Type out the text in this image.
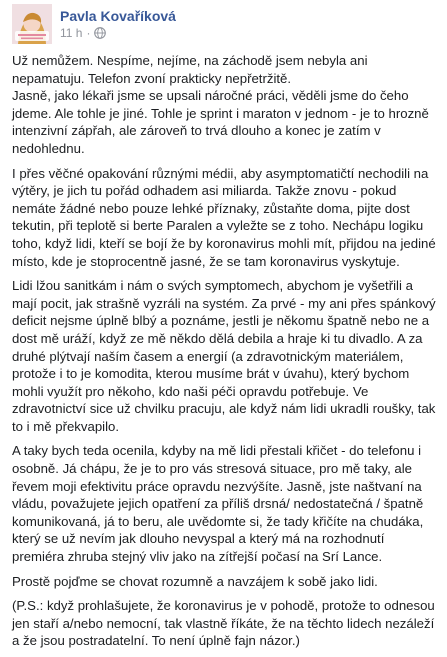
Pavla Kovaříková
11 h ·

Už nemůžem. Nespíme, nejíme, na záchodě jsem nebyla ani nepamatuju. Telefon zvoní prakticky nepřetržitě.
Jasně, jako lékaři jsme se upsali náročné práci, věděli jsme do čeho jdeme. Ale tohle je jiné. Tohle je sprint i maraton v jednom - je to hrozně intenzivní zápřah, ale zároveň to trvá dlouho a konec je zatím v nedohlednu.

I přes věčné opakování různými médii, aby asymptomatičtí nechodili na výtěry, je jich tu pořád odhadem asi miliarda. Takže znovu - pokud nemáte žádné nebo pouze lehké příznaky, zůstaňte doma, pijte dost tekutin, při teplotě si berte Paralen a vyležte se z toho. Nechápu logiku toho, když lidi, kteří se bojí že by koronavirus mohli mít, přijdou na jediné místo, kde je stoprocentně jasné, že se tam koronavirus vyskytuje.

Lidi lžou sanitkám i nám o svých symptomech, abychom je vyšetřili a mají pocit, jak strašně vyzráli na systém. Za prvé - my ani přes spánkový deficit nejsme úplně blbý a poznáme, jestli je někomu špatně nebo ne a dost mě uráží, když ze mě někdo dělá debila a hraje ki tu divadlo. A za druhé plýtvají naším časem a energií (a zdravotnickým materiálem, protože i to je komodita, kterou musíme brát v úvahu), který bychom mohli využít pro někoho, kdo naši péči opravdu potřebuje. Ve zdravotnictví sice už chvilku pracuju, ale když nám lidi ukradli roušky, tak to i mě překvapilo.

A taky bych teda ocenila, kdyby na mě lidi přestali křičet - do telefonu i osobně. Já chápu, že je to pro vás stresová situace, pro mě taky, ale řevem moji efektivitu práce opravdu nezvýšíte. Jasně, jste naštvaní na vládu, považujete jejich opatření za příliš drsná/ nedostatečná / špatně komunikovaná, já to beru, ale uvědomte si, že tady křičíte na chudáka, který se už nevím jak dlouho nevyspal a který má na rozhodnutí premiéra zhruba stejný vliv jako na zítřejší počasí na Srí Lance.

Prostě pojďme se chovat rozumně a navzájem k sobě jako lidi.

(P.S.: když prohlašujete, že koronavirus je v pohodě, protože to odnesou jen staří a/nebo nemocní, tak vlastně říkáte, že na těchto lidech nezáleží a že jsou postradatelní. To není úplně fajn názor.)
